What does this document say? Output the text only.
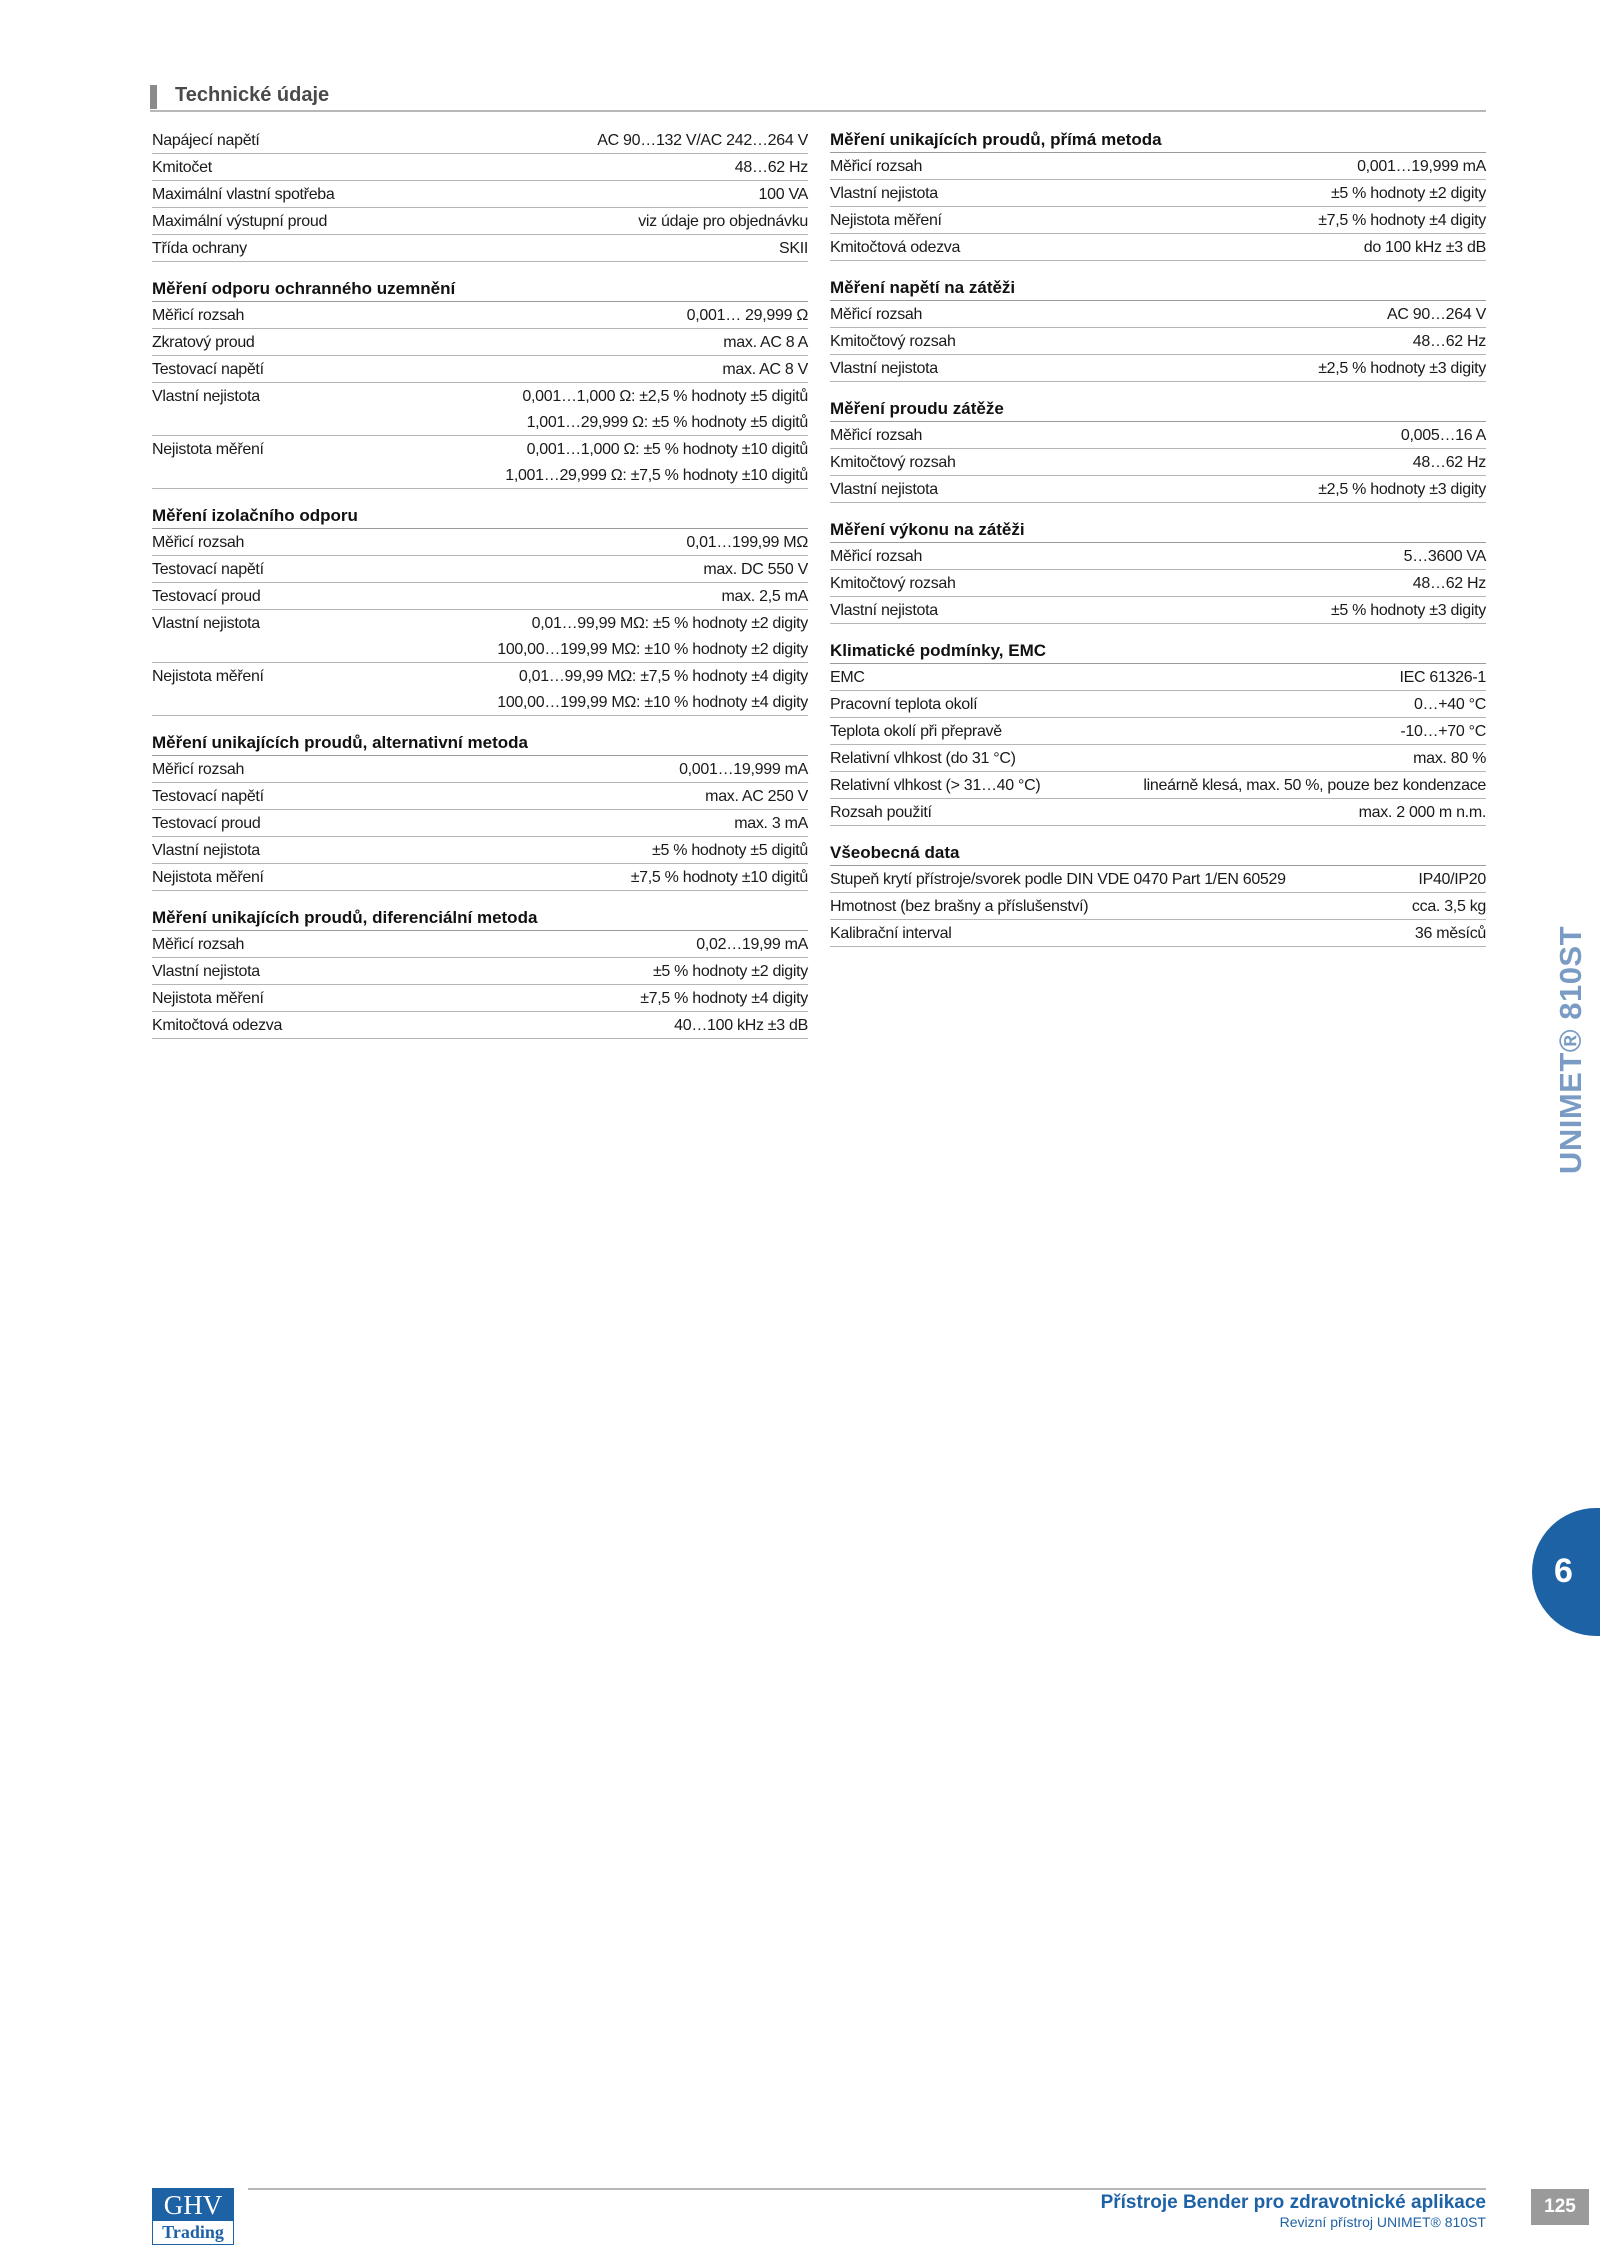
Technické údaje
Napájecí napětí	AC 90…132 V/AC 242…264 V
Kmitočet	48…62 Hz
Maximální vlastní spotřeba	100 VA
Maximální výstupní proud	viz údaje pro objednávku
Třída ochrany	SKII
Měření odporu ochranného uzemnění
Měřicí rozsah	0,001… 29,999 Ω
Zkratový proud	max. AC 8 A
Testovací napětí	max. AC 8 V
Vlastní nejistota	0,001…1,000 Ω: ±2,5 % hodnoty ±5 digitů
1,001…29,999 Ω: ±5 % hodnoty ±5 digitů
Nejistota měření	0,001…1,000 Ω: ±5 % hodnoty ±10 digitů
1,001…29,999 Ω: ±7,5 % hodnoty ±10 digitů
Měření izolačního odporu
Měřicí rozsah	0,01…199,99 MΩ
Testovací napětí	max. DC 550 V
Testovací proud	max. 2,5 mA
Vlastní nejistota	0,01…99,99 MΩ: ±5 % hodnoty ±2 digity
100,00…199,99 MΩ: ±10 % hodnoty ±2 digity
Nejistota měření	0,01…99,99 MΩ: ±7,5 % hodnoty ±4 digity
100,00…199,99 MΩ: ±10 % hodnoty ±4 digity
Měření unikajících proudů, alternativní metoda
Měřicí rozsah	0,001…19,999 mA
Testovací napětí	max. AC 250 V
Testovací proud	max. 3 mA
Vlastní nejistota	±5 % hodnoty ±5 digitů
Nejistota měření	±7,5 % hodnoty ±10 digitů
Měření unikajících proudů, diferenciální metoda
Měřicí rozsah	0,02…19,99 mA
Vlastní nejistota	±5 % hodnoty ±2 digity
Nejistota měření	±7,5 % hodnoty ±4 digity
Kmitočtová odezva	40…100 kHz ±3 dB
Měření unikajících proudů, přímá metoda
Měřicí rozsah	0,001…19,999 mA
Vlastní nejistota	±5 % hodnoty ±2 digity
Nejistota měření	±7,5 % hodnoty ±4 digity
Kmitočtová odezva	do 100 kHz ±3 dB
Měření napětí na zátěži
Měřicí rozsah	AC 90…264 V
Kmitočtový rozsah	48…62 Hz
Vlastní nejistota	±2,5 % hodnoty ±3 digity
Měření proudu zátěže
Měřicí rozsah	0,005…16 A
Kmitočtový rozsah	48…62 Hz
Vlastní nejistota	±2,5 % hodnoty ±3 digity
Měření výkonu na zátěži
Měřicí rozsah	5…3600 VA
Kmitočtový rozsah	48…62 Hz
Vlastní nejistota	±5 % hodnoty ±3 digity
Klimatické podmínky, EMC
EMC	IEC 61326-1
Pracovní teplota okolí	0…+40 °C
Teplota okolí při přepravě	-10…+70 °C
Relativní vlhkost (do 31 °C)	max. 80 %
Relativní vlhkost (> 31…40 °C)	lineárně klesá, max. 50 %, pouze bez kondenzace
Rozsah použití	max. 2 000 m n.m.
Všeobecná data
Stupeň krytí přístroje/svorek podle DIN VDE 0470 Part 1/EN 60529	IP40/IP20
Hmotnost (bez brašny a příslušenství)	cca. 3,5 kg
Kalibrační interval	36 měsíců UNIMET® 810ST
6
GHV
Trading
Přístroje Bender pro zdravotnické aplikace
Revizní přístroj UNIMET® 810ST
125
